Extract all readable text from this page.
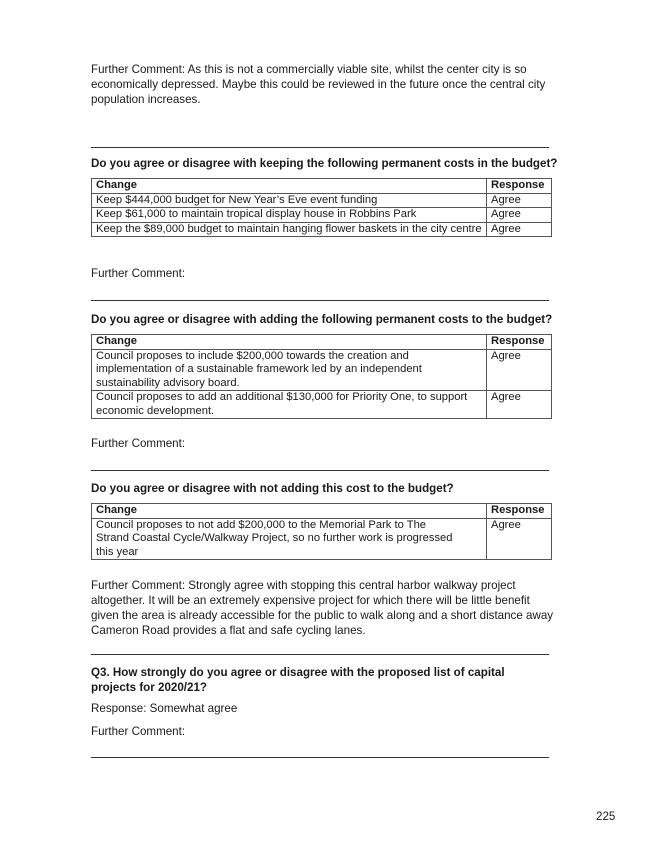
Further Comment: As this is not a commercially viable site, whilst the center city is so economically depressed. Maybe this could be reviewed in the future once the central city population increases.

Do you agree or disagree with keeping the following permanent costs in the budget?

Change	Response
Keep $444,000 budget for New Year’s Eve event funding	Agree
Keep $61,000 to maintain tropical display house in Robbins Park	Agree
Keep the $89,000 budget to maintain hanging flower baskets in the city centre	Agree

Further Comment:

Do you agree or disagree with adding the following permanent costs to the budget?

Change	Response
Council proposes to include $200,000 towards the creation and implementation of a sustainable framework led by an independent sustainability advisory board.	Agree
Council proposes to add an additional $130,000 for Priority One, to support economic development.	Agree

Further Comment:

Do you agree or disagree with not adding this cost to the budget?

Change	Response
Council proposes to not add $200,000 to the Memorial Park to The Strand Coastal Cycle/Walkway Project, so no further work is progressed this year	Agree

Further Comment: Strongly agree with stopping this central harbor walkway project altogether. It will be an extremely expensive project for which there will be little benefit given the area is already accessible for the public to walk along and a short distance away Cameron Road provides a flat and safe cycling lanes.

Q3. How strongly do you agree or disagree with the proposed list of capital projects for 2020/21?

Response: Somewhat agree

Further Comment:

225
